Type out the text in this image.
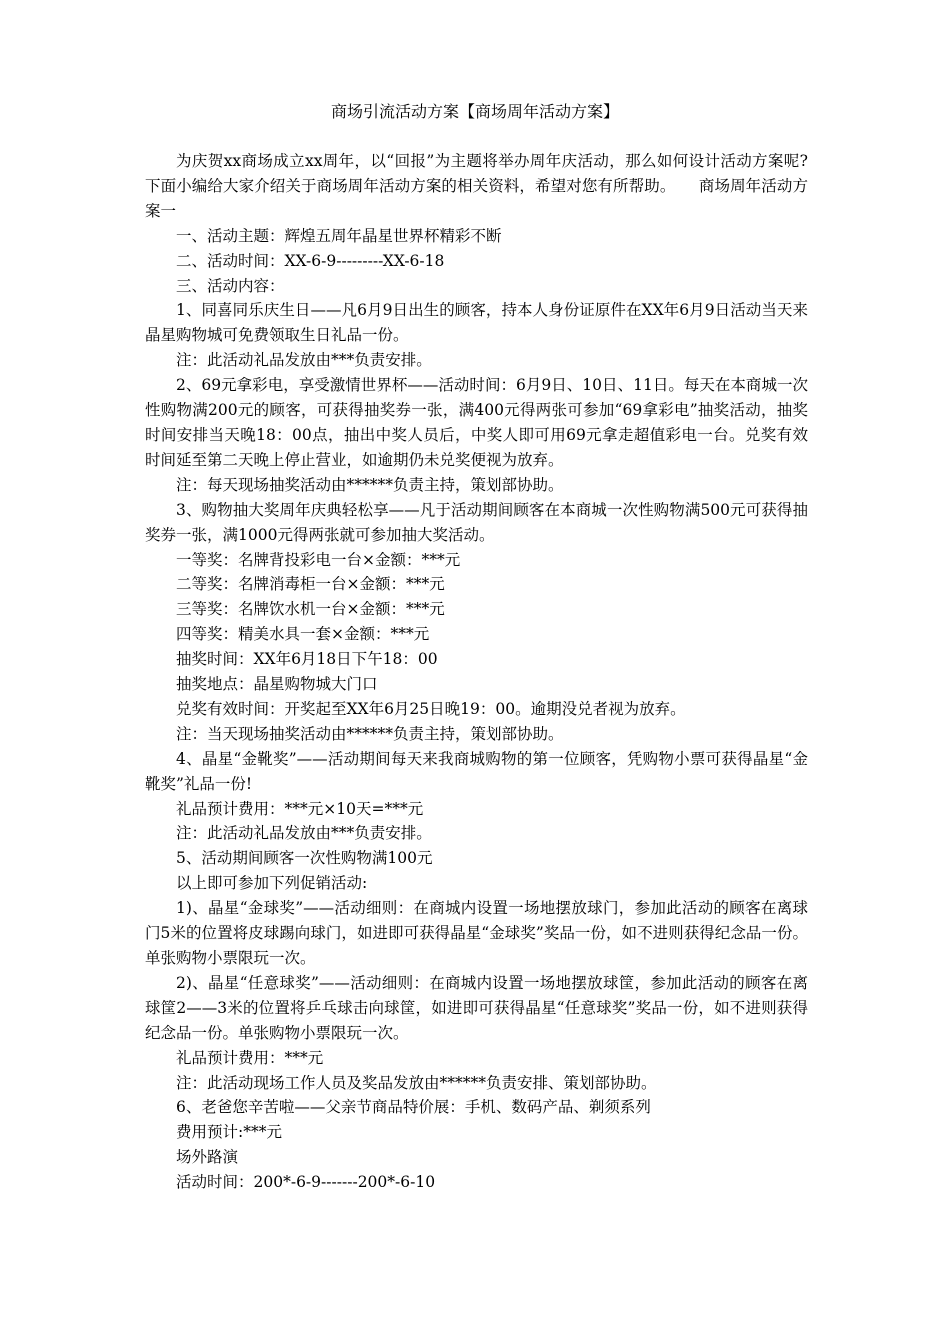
商场引流活动方案【商场周年活动方案】

为庆贺xx商场成立xx周年，以“回报”为主题将举办周年庆活动，那么如何设计活动方案呢?下面小编给大家介绍关于商场周年活动方案的相关资料，希望对您有所帮助。　　商场周年活动方案一

一、活动主题：辉煌五周年晶星世界杯精彩不断

二、活动时间：XX-6-9---------XX-6-18

三、活动内容：

1、同喜同乐庆生日——凡6月9日出生的顾客，持本人身份证原件在XX年6月9日活动当天来晶星购物城可免费领取生日礼品一份。

注：此活动礼品发放由***负责安排。

2、69元拿彩电，享受激情世界杯——活动时间：6月9日、10日、11日。每天在本商城一次性购物满200元的顾客，可获得抽奖券一张，满400元得两张可参加“69拿彩电”抽奖活动，抽奖时间安排当天晚18：00点，抽出中奖人员后，中奖人即可用69元拿走超值彩电一台。兑奖有效时间延至第二天晚上停止营业，如逾期仍未兑奖便视为放弃。

注：每天现场抽奖活动由******负责主持，策划部协助。

3、购物抽大奖周年庆典轻松享——凡于活动期间顾客在本商城一次性购物满500元可获得抽奖券一张，满1000元得两张就可参加抽大奖活动。

一等奖：名牌背投彩电一台×金额：***元

二等奖：名牌消毒柜一台×金额：***元

三等奖：名牌饮水机一台×金额：***元

四等奖：精美水具一套×金额：***元

抽奖时间：XX年6月18日下午18：00

抽奖地点：晶星购物城大门口

兑奖有效时间：开奖起至XX年6月25日晚19：00。逾期没兑者视为放弃。

注：当天现场抽奖活动由******负责主持，策划部协助。

4、晶星“金靴奖”——活动期间每天来我商城购物的第一位顾客，凭购物小票可获得晶星“金靴奖”礼品一份!

礼品预计费用：***元×10天=***元

注：此活动礼品发放由***负责安排。

5、活动期间顾客一次性购物满100元

以上即可参加下列促销活动:

1)、晶星“金球奖”——活动细则：在商城内设置一场地摆放球门，参加此活动的顾客在离球门5米的位置将皮球踢向球门，如进即可获得晶星“金球奖”奖品一份，如不进则获得纪念品一份。单张购物小票限玩一次。

2)、晶星“任意球奖”——活动细则：在商城内设置一场地摆放球筐，参加此活动的顾客在离球筐2——3米的位置将乒乓球击向球筐，如进即可获得晶星“任意球奖”奖品一份，如不进则获得纪念品一份。单张购物小票限玩一次。

礼品预计费用：***元

注：此活动现场工作人员及奖品发放由******负责安排、策划部协助。

6、老爸您辛苦啦——父亲节商品特价展：手机、数码产品、剃须系列

费用预计:***元

场外路演

活动时间：200*-6-9-------200*-6-10
